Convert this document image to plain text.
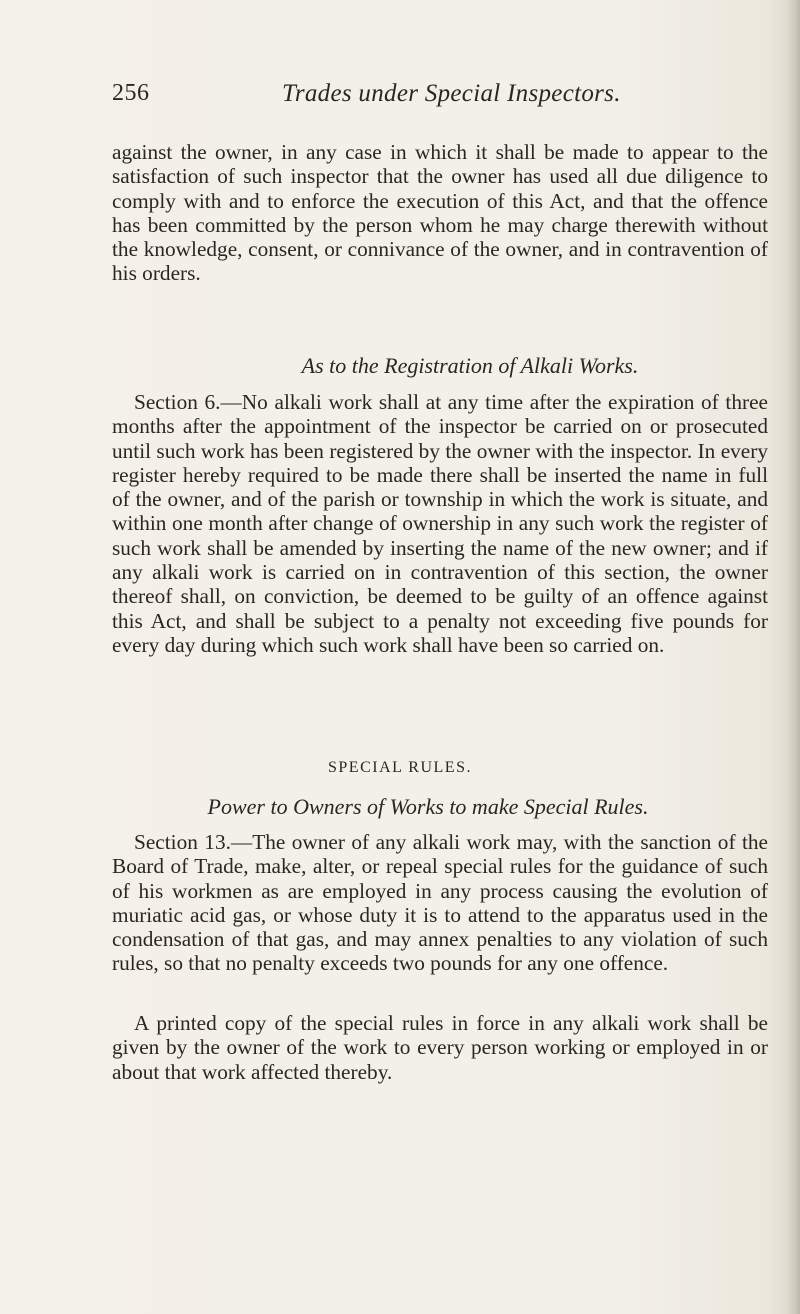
256	Trades under Special Inspectors.

against the owner, in any case in which it shall be made to appear to the satisfaction of such inspector that the owner has used all due diligence to comply with and to enforce the execution of this Act, and that the offence has been committed by the person whom he may charge therewith without the knowledge, consent, or connivance of the owner, and in contravention of his orders.

As to the Registration of Alkali Works.

Section 6.—No alkali work shall at any time after the expiration of three months after the appointment of the inspector be carried on or prosecuted until such work has been registered by the owner with the inspector. In every register hereby required to be made there shall be inserted the name in full of the owner, and of the parish or township in which the work is situate, and within one month after change of ownership in any such work the register of such work shall be amended by inserting the name of the new owner; and if any alkali work is carried on in contravention of this section, the owner thereof shall, on conviction, be deemed to be guilty of an offence against this Act, and shall be subject to a penalty not exceeding five pounds for every day during which such work shall have been so carried on.

SPECIAL RULES.
Power to Owners of Works to make Special Rules.

Section 13.—The owner of any alkali work may, with the sanction of the Board of Trade, make, alter, or repeal special rules for the guidance of such of his workmen as are employed in any process causing the evolution of muriatic acid gas, or whose duty it is to attend to the apparatus used in the condensation of that gas, and may annex penalties to any violation of such rules, so that no penalty exceeds two pounds for any one offence.

A printed copy of the special rules in force in any alkali work shall be given by the owner of the work to every person working or employed in or about that work affected thereby.
